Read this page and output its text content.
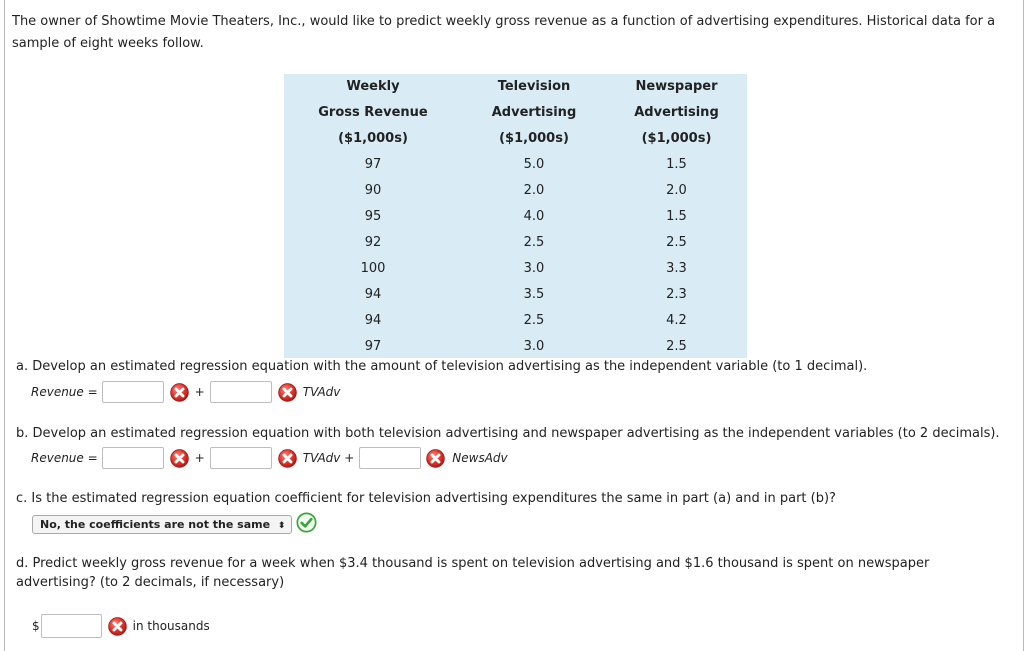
The owner of Showtime Movie Theaters, Inc., would like to predict weekly gross revenue as a function of advertising expenditures. Historical data for a sample of eight weeks follow.
Weekly	Television	Newspaper
Gross Revenue	Advertising	Advertising
($1,000s)	($1,000s)	($1,000s)
97	5.0	1.5
90	2.0	2.0
95	4.0	1.5
92	2.5	2.5
100	3.0	3.3
94	3.5	2.3
94	2.5	4.2
97	3.0	2.5
a. Develop an estimated regression equation with the amount of television advertising as the independent variable (to 1 decimal).
Revenue =	+	TVAdv
b. Develop an estimated regression equation with both television advertising and newspaper advertising as the independent variables (to 2 decimals).
Revenue =	+	TVAdv +	NewsAdv
c. Is the estimated regression equation coefficient for television advertising expenditures the same in part (a) and in part (b)?
No, the coefficients are not the same ⬍
d. Predict weekly gross revenue for a week when $3.4 thousand is spent on television advertising and $1.6 thousand is spent on newspaper advertising? (to 2 decimals, if necessary)
$	in thousands
